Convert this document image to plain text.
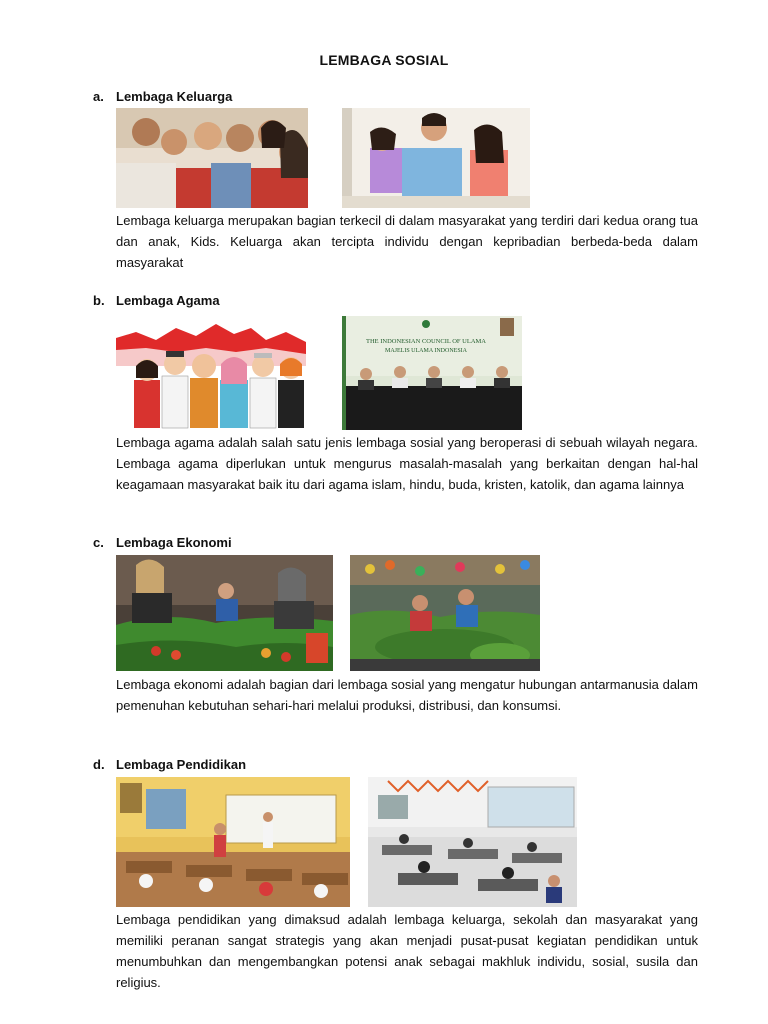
LEMBAGA SOSIAL
a. Lembaga Keluarga
Lembaga keluarga merupakan bagian terkecil di dalam masyarakat yang terdiri dari kedua orang tua dan anak, Kids. Keluarga akan tercipta individu dengan kepribadian berbeda-beda dalam masyarakat
b. Lembaga Agama
THE INDONESIAN COUNCIL OF ULAMA
MAJELIS ULAMA INDONESIA
Lembaga agama adalah salah satu jenis lembaga sosial yang beroperasi di sebuah wilayah negara. Lembaga agama diperlukan untuk mengurus masalah-masalah yang berkaitan dengan hal-hal keagamaan masyarakat baik itu dari agama islam, hindu, buda, kristen, katolik, dan agama lainnya
c. Lembaga Ekonomi
Lembaga ekonomi adalah bagian dari lembaga sosial yang mengatur hubungan antarmanusia dalam pemenuhan kebutuhan sehari-hari melalui produksi, distribusi, dan konsumsi.
d. Lembaga Pendidikan
Lembaga pendidikan yang dimaksud adalah lembaga keluarga, sekolah dan masyarakat yang memiliki peranan sangat strategis yang akan menjadi pusat-pusat kegiatan pendidikan untuk menumbuhkan dan mengembangkan potensi anak sebagai makhluk individu, sosial, susila dan religius.
